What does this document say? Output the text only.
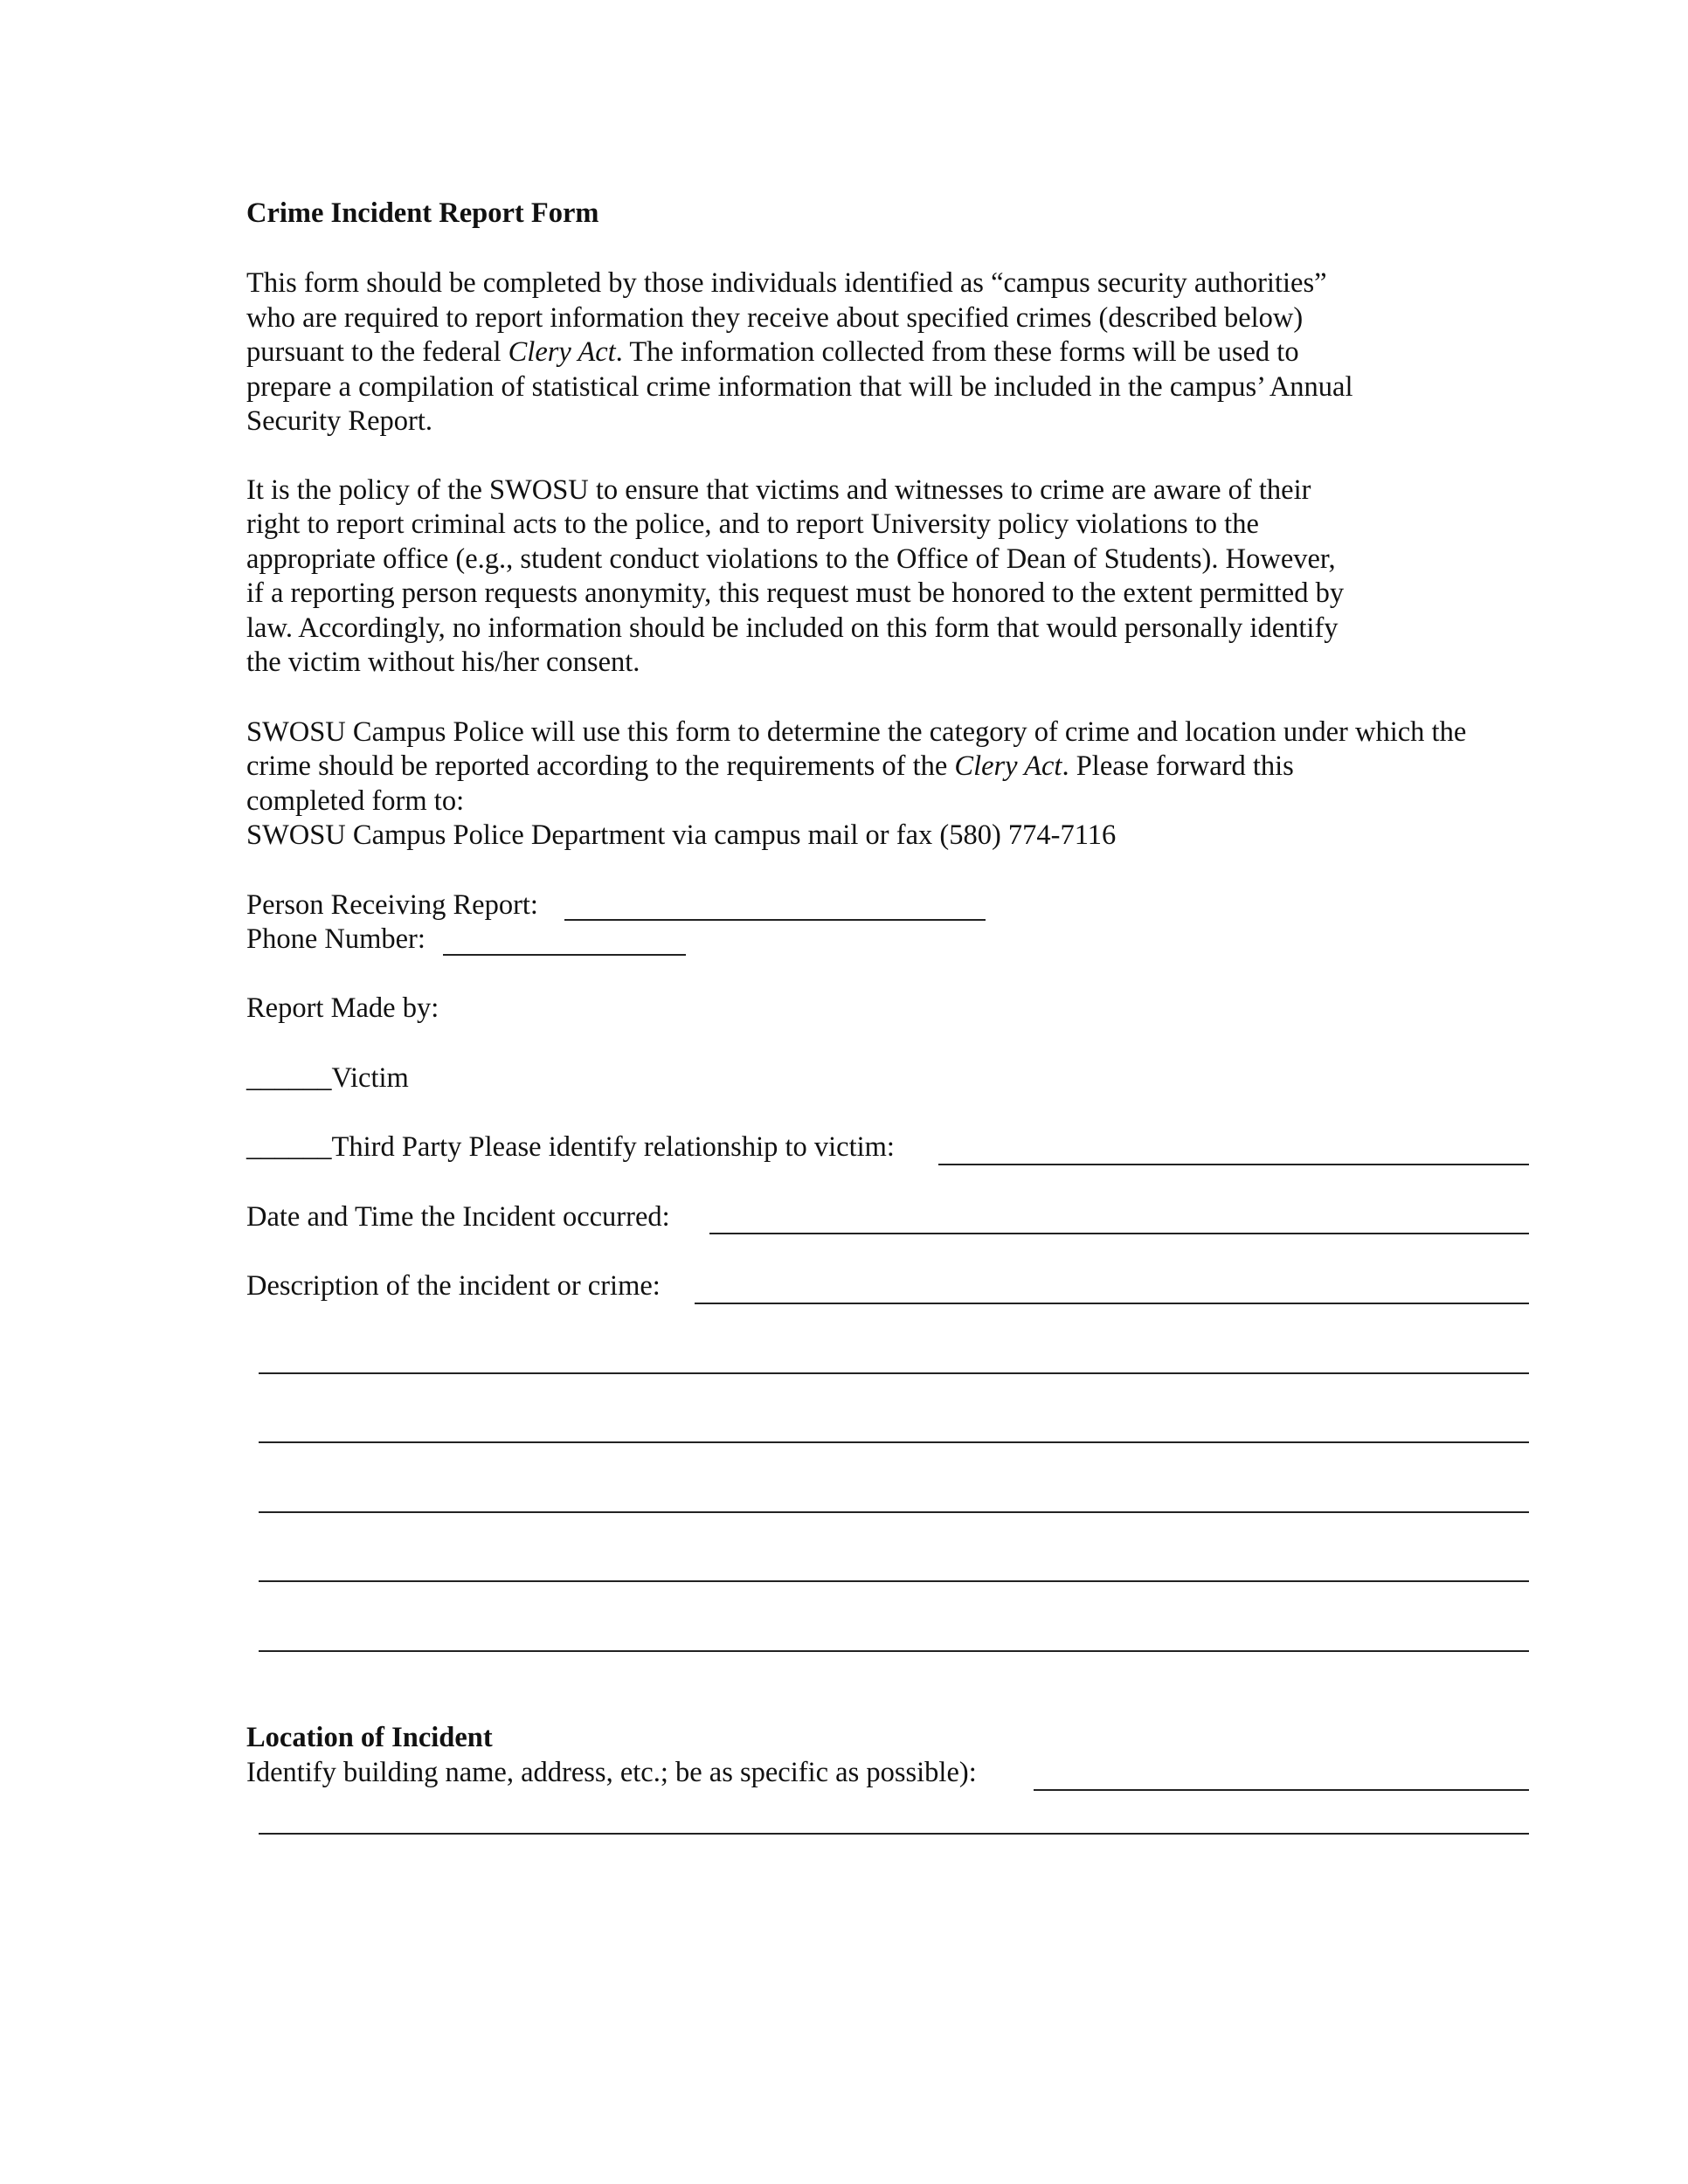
Crime Incident Report Form
This form should be completed by those individuals identified as “campus security authorities”
who are required to report information they receive about specified crimes (described below)
pursuant to the federal Clery Act. The information collected from these forms will be used to
prepare a compilation of statistical crime information that will be included in the campus’ Annual
Security Report.
It is the policy of the SWOSU to ensure that victims and witnesses to crime are aware of their
right to report criminal acts to the police, and to report University policy violations to the
appropriate office (e.g., student conduct violations to the Office of Dean of Students). However,
if a reporting person requests anonymity, this request must be honored to the extent permitted by
law. Accordingly, no information should be included on this form that would personally identify
the victim without his/her consent.
SWOSU Campus Police will use this form to determine the category of crime and location under which the
crime should be reported according to the requirements of the Clery Act. Please forward this
completed form to:
SWOSU Campus Police Department via campus mail or fax (580) 774-7116
Person Receiving Report:
Phone Number:
Report Made by:
______Victim
______Third Party Please identify relationship to victim:
Date and Time the Incident occurred:
Description of the incident or crime:
Location of Incident
Identify building name, address, etc.; be as specific as possible):
